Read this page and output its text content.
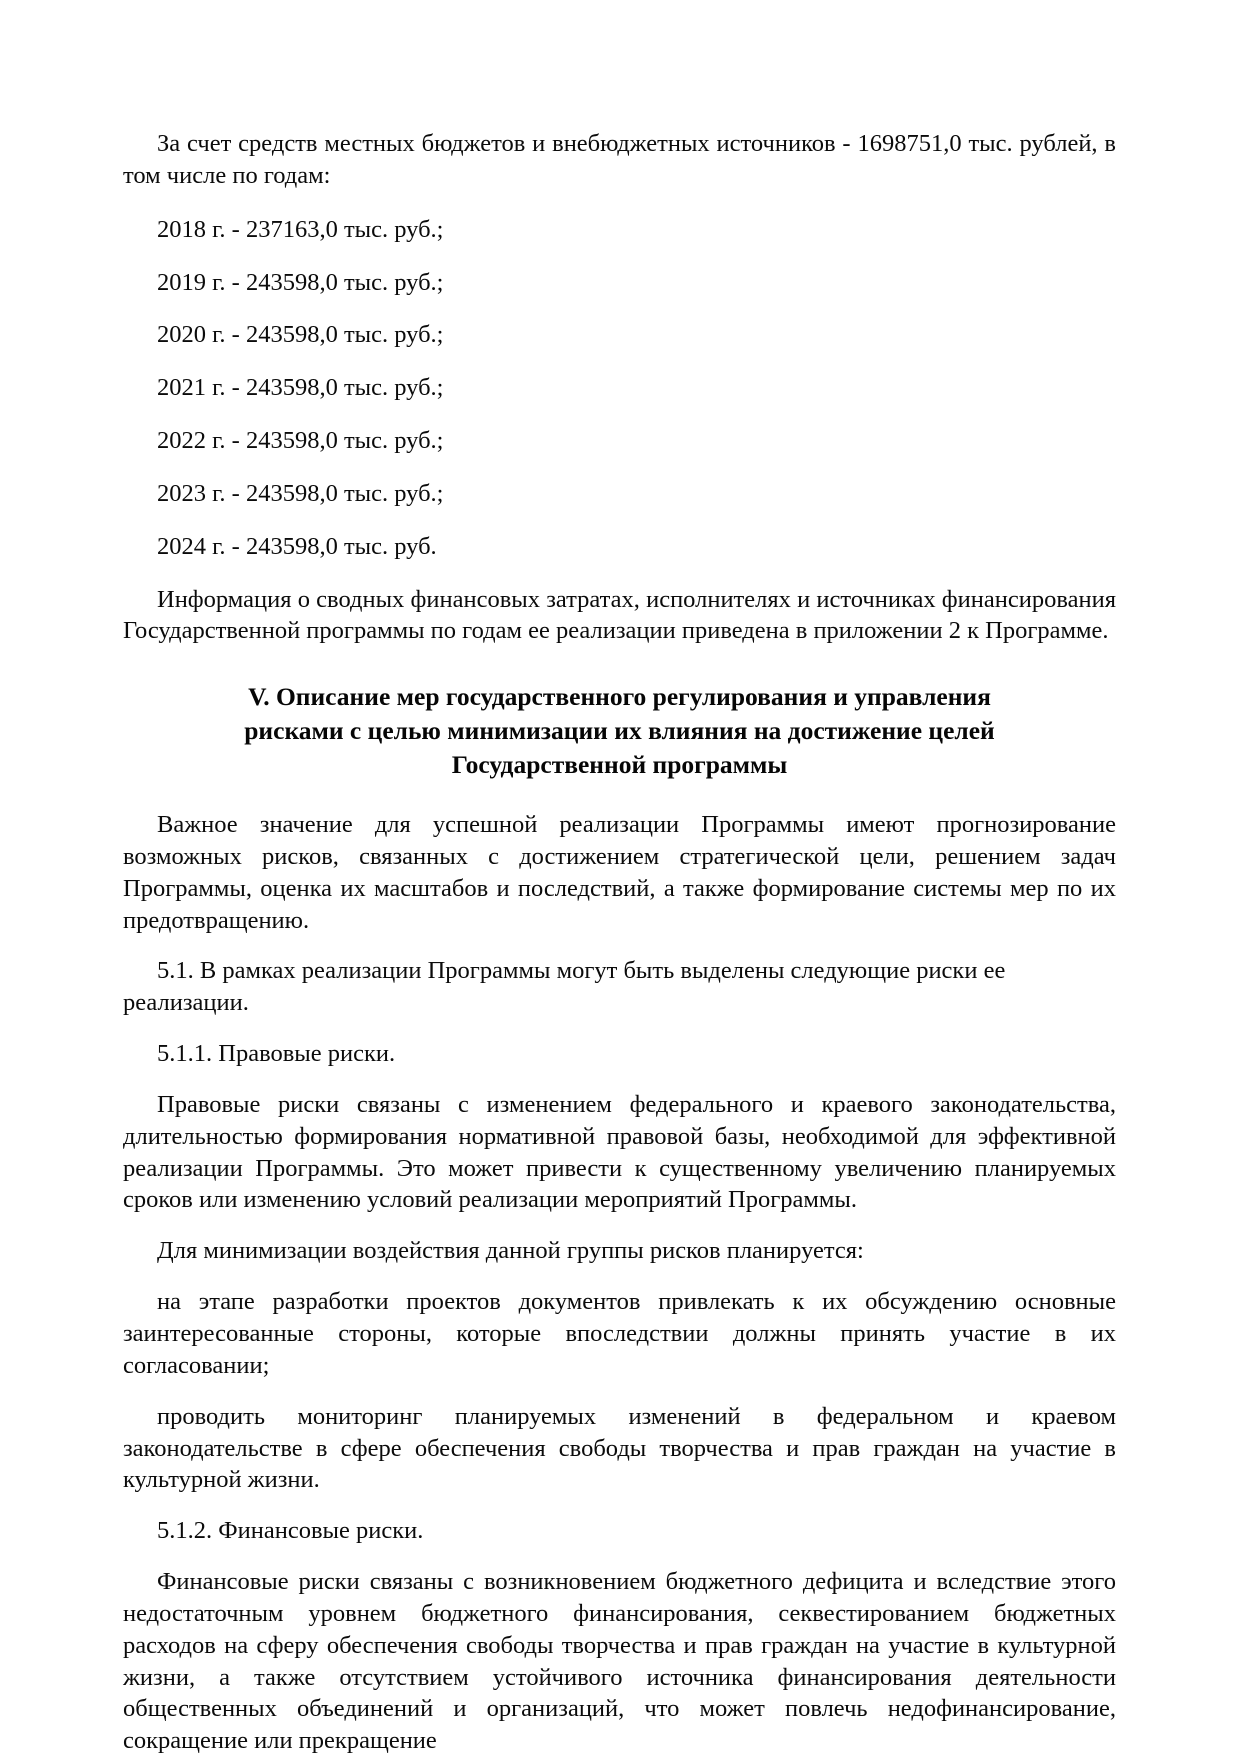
За счет средств местных бюджетов и внебюджетных источников - 1698751,0 тыс. рублей, в том числе по годам:

2018 г. - 237163,0 тыс. руб.;

2019 г. - 243598,0 тыс. руб.;

2020 г. - 243598,0 тыс. руб.;

2021 г. - 243598,0 тыс. руб.;

2022 г. - 243598,0 тыс. руб.;

2023 г. - 243598,0 тыс. руб.;

2024 г. - 243598,0 тыс. руб.

Информация о сводных финансовых затратах, исполнителях и источниках финансирования Государственной программы по годам ее реализации приведена в приложении 2 к Программе.

V. Описание мер государственного регулирования и управления
рисками с целью минимизации их влияния на достижение целей
Государственной программы

Важное значение для успешной реализации Программы имеют прогнозирование возможных рисков, связанных с достижением стратегической цели, решением задач Программы, оценка их масштабов и последствий, а также формирование системы мер по их предотвращению.

5.1. В рамках реализации Программы могут быть выделены следующие риски ее реализации.

5.1.1. Правовые риски.

Правовые риски связаны с изменением федерального и краевого законодательства, длительностью формирования нормативной правовой базы, необходимой для эффективной реализации Программы. Это может привести к существенному увеличению планируемых сроков или изменению условий реализации мероприятий Программы.

Для минимизации воздействия данной группы рисков планируется:

на этапе разработки проектов документов привлекать к их обсуждению основные заинтересованные стороны, которые впоследствии должны принять участие в их согласовании;

проводить мониторинг планируемых изменений в федеральном и краевом законодательстве в сфере обеспечения свободы творчества и прав граждан на участие в культурной жизни.

5.1.2. Финансовые риски.

Финансовые риски связаны с возникновением бюджетного дефицита и вследствие этого недостаточным уровнем бюджетного финансирования, секвестированием бюджетных расходов на сферу обеспечения свободы творчества и прав граждан на участие в культурной жизни, а также отсутствием устойчивого источника финансирования деятельности общественных объединений и организаций, что может повлечь недофинансирование, сокращение или прекращение
